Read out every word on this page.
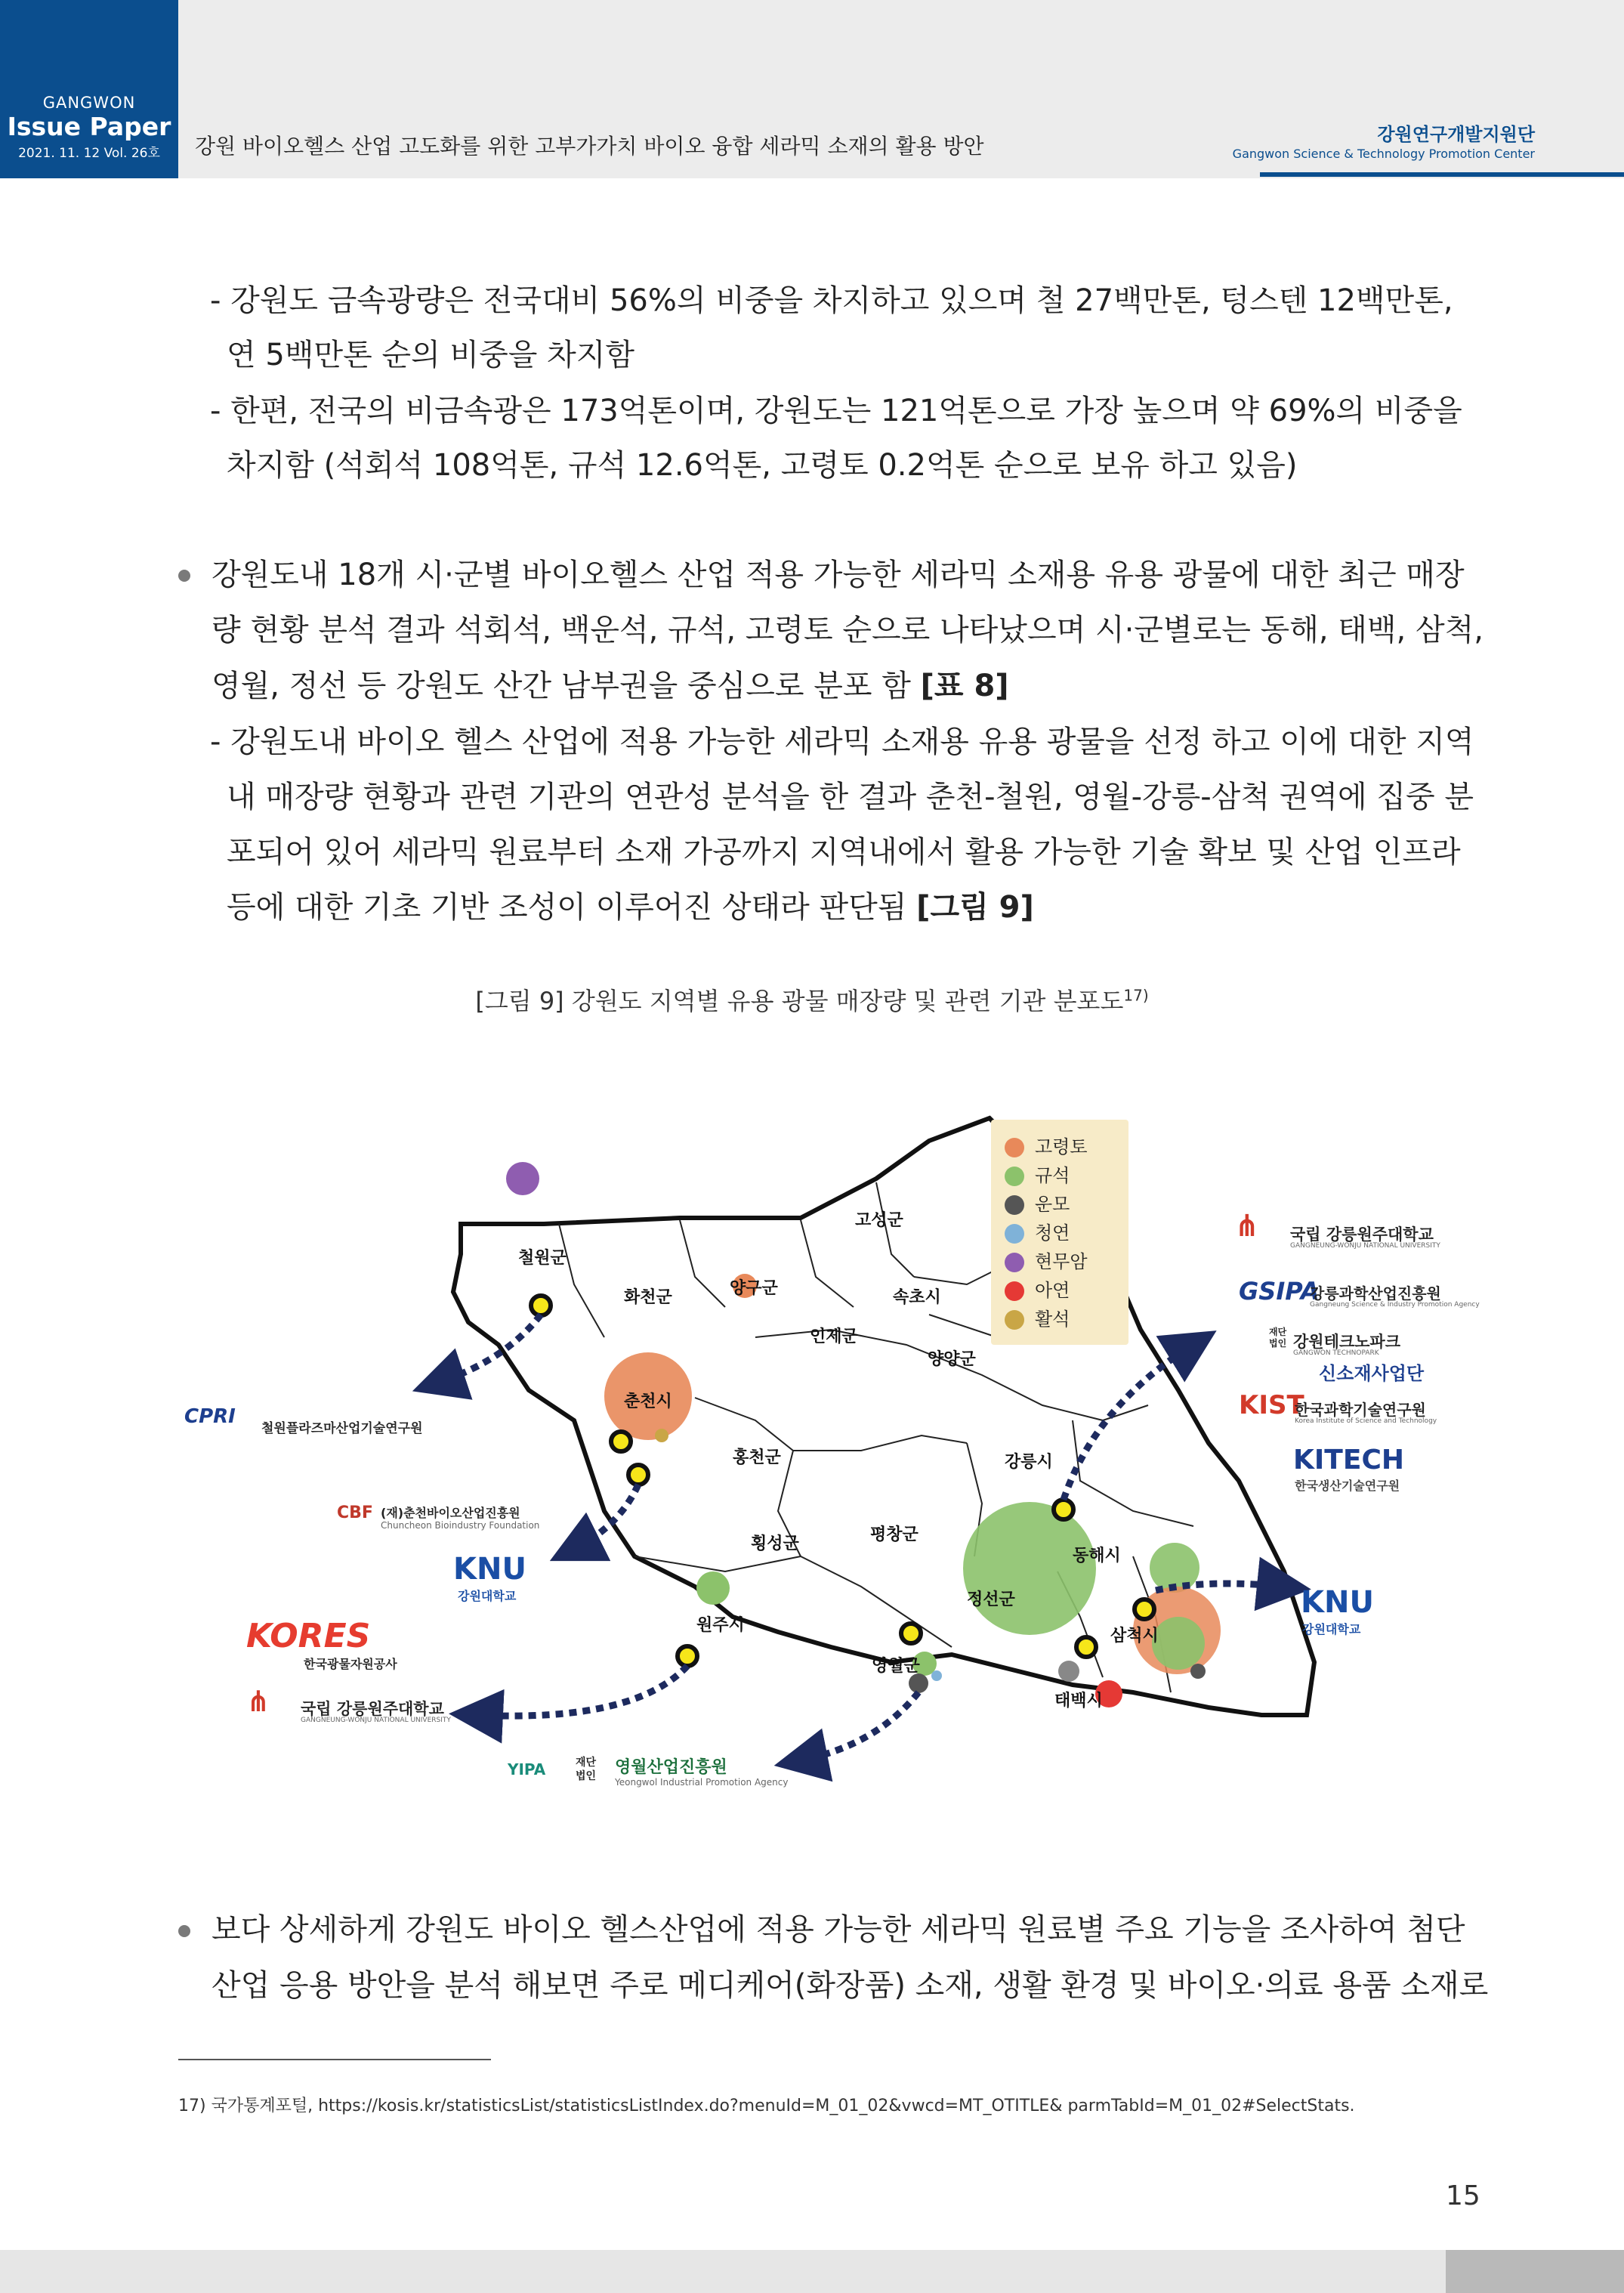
GANGWON
Issue Paper
2021. 11. 12 Vol. 26호	강원 바이오헬스 산업 고도화를 위한 고부가가치 바이오 융합 세라믹 소재의 활용 방안	강원연구개발지원단
Gangwon Science & Technology Promotion Center
- 강원도 금속광량은 전국대비 56%의 비중을 차지하고 있으며 철 27백만톤, 텅스텐 12백만톤,
연 5백만톤 순의 비중을 차지함
- 한편, 전국의 비금속광은 173억톤이며, 강원도는 121억톤으로 가장 높으며 약 69%의 비중을
차지함 (석회석 108억톤, 규석 12.6억톤, 고령토 0.2억톤 순으로 보유 하고 있음)
강원도내 18개 시·군별 바이오헬스 산업 적용 가능한 세라믹 소재용 유용 광물에 대한 최근 매장
량 현황 분석 결과 석회석, 백운석, 규석, 고령토 순으로 나타났으며 시·군별로는 동해, 태백, 삼척,
영월, 정선 등 강원도 산간 남부권을 중심으로 분포 함 [표 8]
- 강원도내 바이오 헬스 산업에 적용 가능한 세라믹 소재용 유용 광물을 선정 하고 이에 대한 지역
내 매장량 현황과 관련 기관의 연관성 분석을 한 결과 춘천-철원, 영월-강릉-삼척 권역에 집중 분
포되어 있어 세라믹 원료부터 소재 가공까지 지역내에서 활용 가능한 기술 확보 및 산업 인프라
등에 대한 기초 기반 조성이 이루어진 상태라 판단됨 [그림 9]
[그림 9] 강원도 지역별 유용 광물 매장량 및 관련 기관 분포도$^{17)}$
고령토
규석
운모
청연
현무암
아연
활석
철원군
화천군	양구군
고성군
속초시
인제군
양양군
춘천시
홍천군	강릉시
횡성군	평창군
동해시
원주시
정선군
삼척시
영월군
태백시
CPRI
철원플라즈마산업기술연구원
CBF (재)춘천바이오산업진흥원
Chuncheon Bioindustry Foundation
KNU
강원대학교
KORES
한국광물자원공사
⋔ 국립 강릉원주대학교
GANGNEUNG-WONJU NATIONAL UNIVERSITY
YIPA	재단법인 영월산업진흥원
Yeongwol Industrial Promotion Agency
⋔ 국립 강릉원주대학교
GANGNEUNG-WONJU NATIONAL UNIVERSITY
GSIPA
강릉과학산업진흥원
Gangneung Science & Industry Promotion Agency
재단법인 강원테크노파크
GANGWON TECHNOPARK
신소재사업단
KIST
한국과학기술연구원
Korea Institute of Science and Technology
KITECH
한국생산기술연구원
KNU
강원대학교
보다 상세하게 강원도 바이오 헬스산업에 적용 가능한 세라믹 원료별 주요 기능을 조사하여 첨단
산업 응용 방안을 분석 해보면 주로 메디케어(화장품) 소재, 생활 환경 및 바이오·의료 용품 소재로
17) 국가통계포털, https://kosis.kr/statisticsList/statisticsListIndex.do?menuId=M_01_02&vwcd=MT_OTITLE& parmTabId=M_01_02#SelectStats.
15
